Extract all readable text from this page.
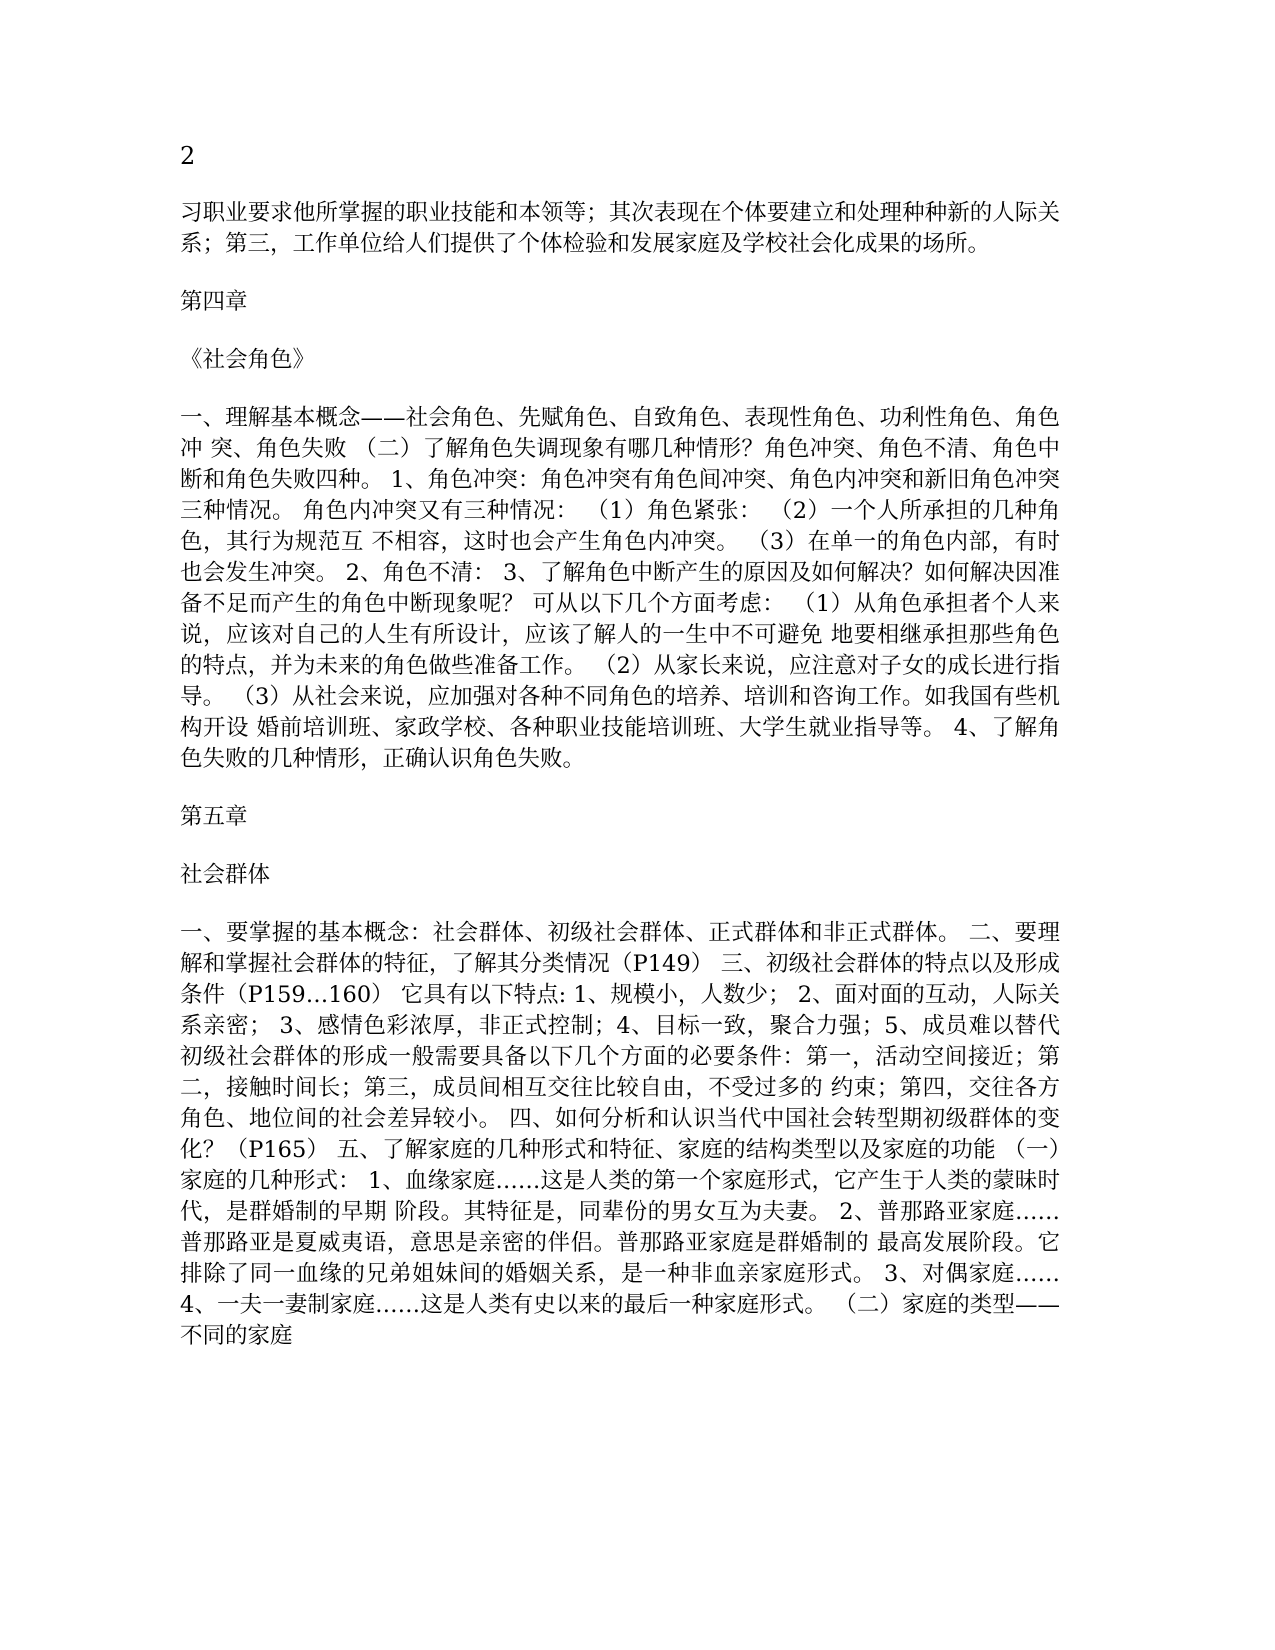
2

习职业要求他所掌握的职业技能和本领等；其次表现在个体要建立和处理种种新的人际关 系；第三，工作单位给人们提供了个体检验和发展家庭及学校社会化成果的场所。

第四章
《社会角色》

一、理解基本概念——社会角色、先赋角色、自致角色、表现性角色、功利性角色、角色冲 突、角色失败 （二）了解角色失调现象有哪几种情形？角色冲突、角色不清、角色中断和角色失败四种。 1、角色冲突：角色冲突有角色间冲突、角色内冲突和新旧角色冲突三种情况。 角色内冲突又有三种情况： （1）角色紧张： （2）一个人所承担的几种角色，其行为规范互 不相容，这时也会产生角色内冲突。 （3）在单一的角色内部，有时也会发生冲突。 2、角色不清： 3、了解角色中断产生的原因及如何解决？如何解决因准备不足而产生的角色中断现象呢？ 可从以下几个方面考虑： （1）从角色承担者个人来说，应该对自己的人生有所设计，应该了解人的一生中不可避免 地要相继承担那些角色的特点，并为未来的角色做些准备工作。 （2）从家长来说，应注意对子女的成长进行指导。 （3）从社会来说，应加强对各种不同角色的培养、培训和咨询工作。如我国有些机构开设 婚前培训班、家政学校、各种职业技能培训班、大学生就业指导等。 4、了解角色失败的几种情形，正确认识角色失败。

第五章
社会群体

一、要掌握的基本概念：社会群体、初级社会群体、正式群体和非正式群体。 二、要理解和掌握社会群体的特征，了解其分类情况（P149） 三、初级社会群体的特点以及形成条件（P159…160） 它具有以下特点: 1、规模小，人数少； 2、面对面的互动，人际关系亲密； 3、感情色彩浓厚，非正式控制；4、目标一致，聚合力强；5、成员难以替代 初级社会群体的形成一般需要具备以下几个方面的必要条件：第一，活动空间接近；第二，接触时间长；第三，成员间相互交往比较自由，不受过多的 约束；第四，交往各方角色、地位间的社会差异较小。 四、如何分析和认识当代中国社会转型期初级群体的变化？（P165） 五、了解家庭的几种形式和特征、家庭的结构类型以及家庭的功能 （一）家庭的几种形式： 1、血缘家庭……这是人类的第一个家庭形式，它产生于人类的蒙昧时代，是群婚制的早期 阶段。其特征是，同辈份的男女互为夫妻。 2、普那路亚家庭……普那路亚是夏威夷语，意思是亲密的伴侣。普那路亚家庭是群婚制的 最高发展阶段。它排除了同一血缘的兄弟姐妹间的婚姻关系，是一种非血亲家庭形式。 3、对偶家庭…… 4、一夫一妻制家庭……这是人类有史以来的最后一种家庭形式。 （二）家庭的类型——不同的家庭
